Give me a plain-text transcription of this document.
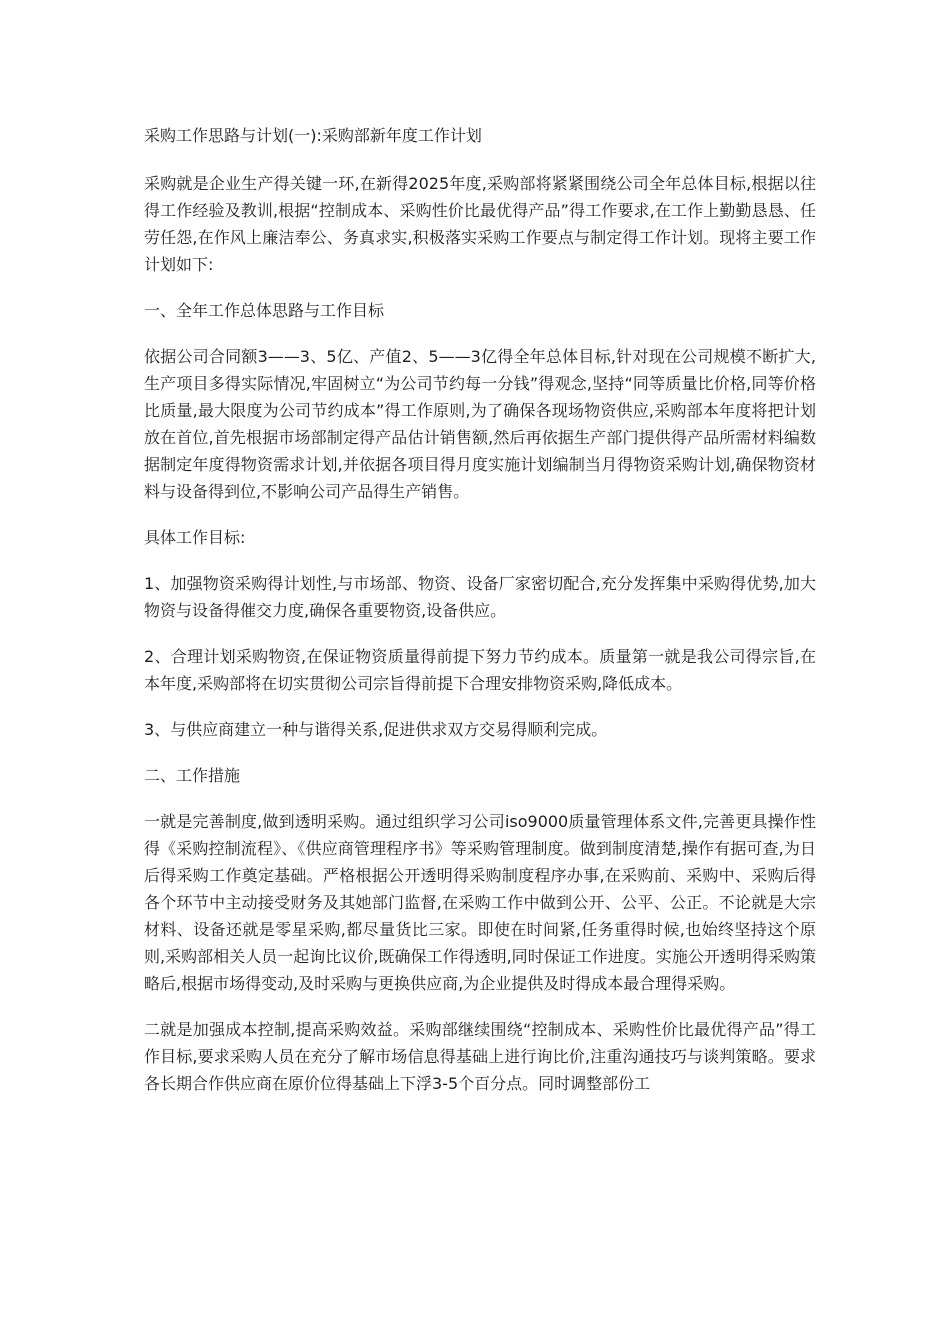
采购工作思路与计划(一):采购部新年度工作计划

采购就是企业生产得关键一环,在新得2025年度,采购部将紧紧围绕公司全年总体目标,根据以往得工作经验及教训,根据“控制成本、采购性价比最优得产品”得工作要求,在工作上勤勤恳恳、任劳任怨,在作风上廉洁奉公、务真求实,积极落实采购工作要点与制定得工作计划。现将主要工作计划如下:

一、全年工作总体思路与工作目标

依据公司合同额3——3、5亿、产值2、5——3亿得全年总体目标,针对现在公司规模不断扩大,生产项目多得实际情况,牢固树立“为公司节约每一分钱”得观念,坚持“同等质量比价格,同等价格比质量,最大限度为公司节约成本”得工作原则,为了确保各现场物资供应,采购部本年度将把计划放在首位,首先根据市场部制定得产品估计销售额,然后再依据生产部门提供得产品所需材料编数据制定年度得物资需求计划,并依据各项目得月度实施计划编制当月得物资采购计划,确保物资材料与设备得到位,不影响公司产品得生产销售。

具体工作目标:

1、加强物资采购得计划性,与市场部、物资、设备厂家密切配合,充分发挥集中采购得优势,加大物资与设备得催交力度,确保各重要物资,设备供应。

2、合理计划采购物资,在保证物资质量得前提下努力节约成本。质量第一就是我公司得宗旨,在本年度,采购部将在切实贯彻公司宗旨得前提下合理安排物资采购,降低成本。

3、与供应商建立一种与谐得关系,促进供求双方交易得顺利完成。

二、工作措施

一就是完善制度,做到透明采购。通过组织学习公司iso9000质量管理体系文件,完善更具操作性得《采购控制流程》、《供应商管理程序书》等采购管理制度。做到制度清楚,操作有据可查,为日后得采购工作奠定基础。严格根据公开透明得采购制度程序办事,在采购前、采购中、采购后得各个环节中主动接受财务及其她部门监督,在采购工作中做到公开、公平、公正。不论就是大宗材料、设备还就是零星采购,都尽量货比三家。即使在时间紧,任务重得时候,也始终坚持这个原则,采购部相关人员一起询比议价,既确保工作得透明,同时保证工作进度。实施公开透明得采购策略后,根据市场得变动,及时采购与更换供应商,为企业提供及时得成本最合理得采购。

二就是加强成本控制,提高采购效益。采购部继续围绕“控制成本、采购性价比最优得产品”得工作目标,要求采购人员在充分了解市场信息得基础上进行询比价,注重沟通技巧与谈判策略。要求各长期合作供应商在原价位得基础上下浮3-5个百分点。同时调整部份工
